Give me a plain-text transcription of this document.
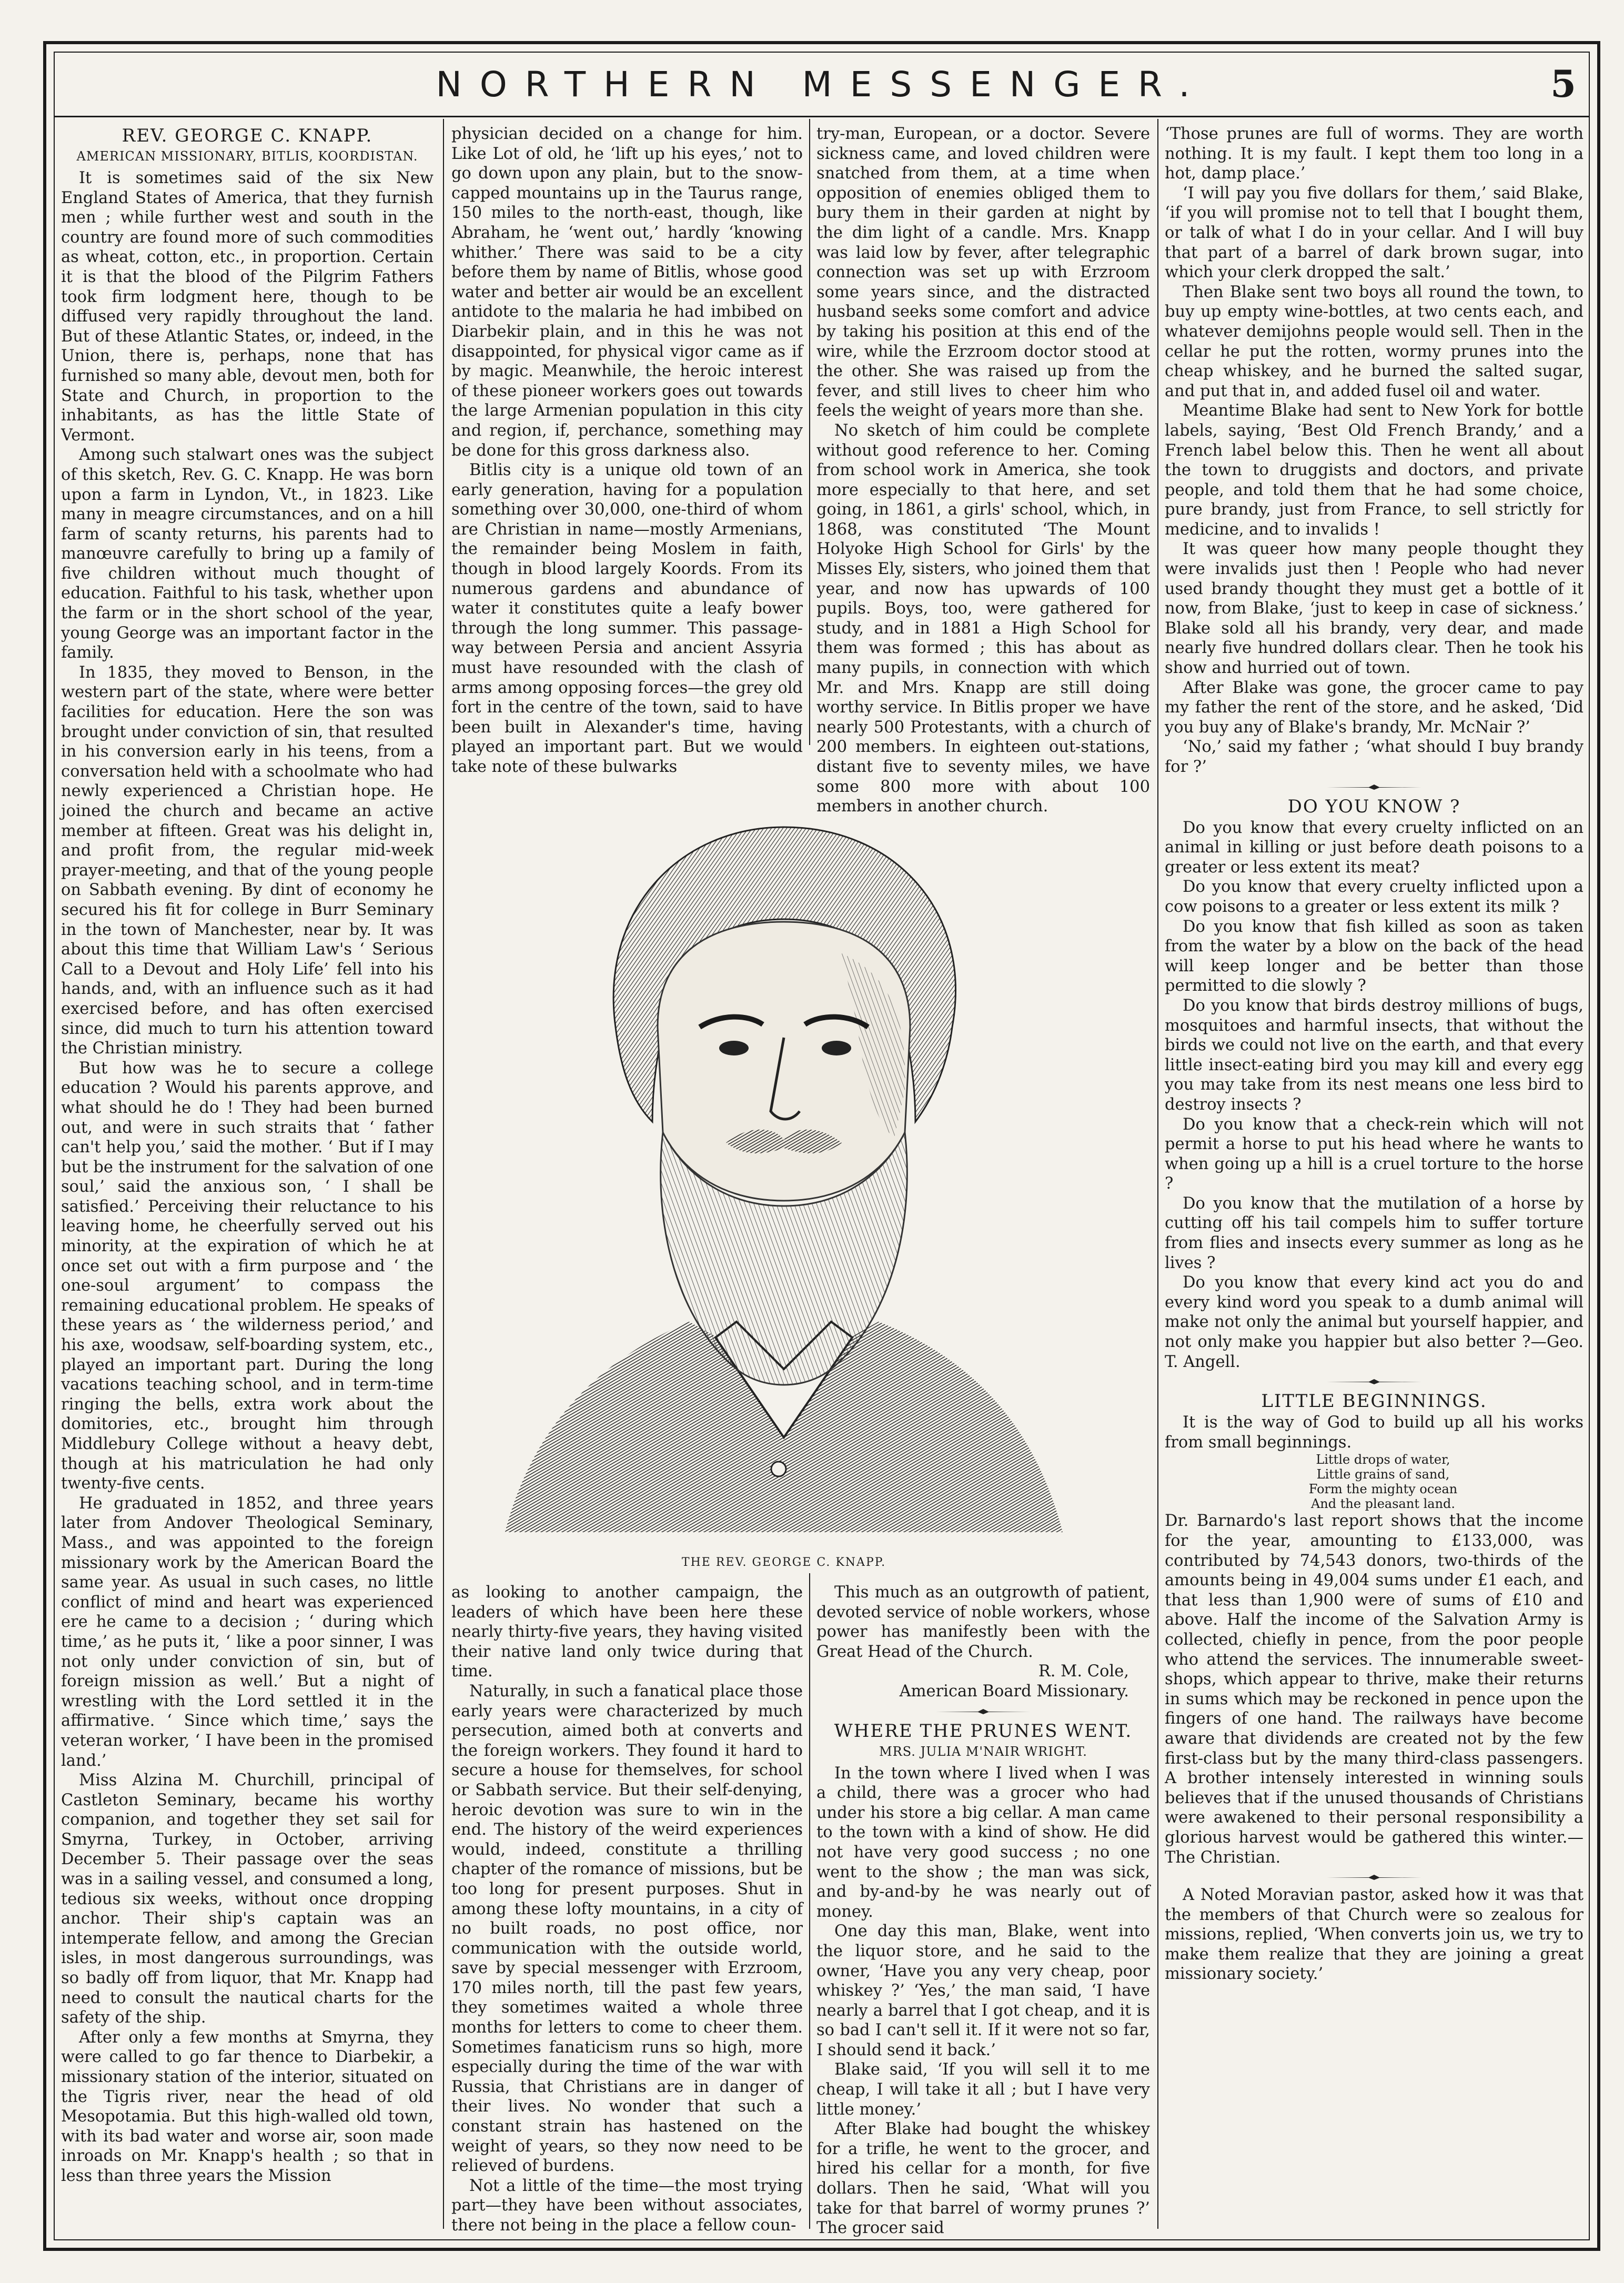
NORTHERN MESSENGER.	5
REV. GEORGE C. KNAPP.

AMERICAN MISSIONARY, BITLIS, KOORDISTAN.

It is sometimes said of the six New England States of America, that they furnish men ; while further west and south in the country are found more of such commodities as wheat, cotton, etc., in proportion. Certain it is that the blood of the Pilgrim Fathers took firm lodgment here, though to be diffused very rapidly throughout the land. But of these Atlantic States, or, indeed, in the Union, there is, perhaps, none that has furnished so many able, devout men, both for State and Church, in proportion to the inhabitants, as has the little State of Vermont.

Among such stalwart ones was the subject of this sketch, Rev. G. C. Knapp. He was born upon a farm in Lyndon, Vt., in 1823. Like many in meagre circumstances, and on a hill farm of scanty returns, his parents had to manœuvre carefully to bring up a family of five children without much thought of education. Faithful to his task, whether upon the farm or in the short school of the year, young George was an important factor in the family.

In 1835, they moved to Benson, in the western part of the state, where were better facilities for education. Here the son was brought under conviction of sin, that resulted in his conversion early in his teens, from a conversation held with a schoolmate who had newly experienced a Christian hope. He joined the church and became an active member at fifteen. Great was his delight in, and profit from, the regular mid-week prayer-meeting, and that of the young people on Sabbath evening. By dint of economy he secured his fit for college in Burr Seminary in the town of Manchester, near by. It was about this time that William Law's ‘ Serious Call to a Devout and Holy Life’ fell into his hands, and, with an influence such as it had exercised before, and has often exercised since, did much to turn his attention toward the Christian ministry.

But how was he to secure a college education ? Would his parents approve, and what should he do ! They had been burned out, and were in such straits that ‘ father can't help you,’ said the mother. ‘ But if I may but be the instrument for the salvation of one soul,’ said the anxious son, ‘ I shall be satisfied.’ Perceiving their reluctance to his leaving home, he cheerfully served out his minority, at the expiration of which he at once set out with a firm purpose and ‘ the one-soul argument’ to compass the remaining educational problem. He speaks of these years as ‘ the wilderness period,’ and his axe, woodsaw, self-boarding system, etc., played an important part. During the long vacations teaching school, and in term-time ringing the bells, extra work about the domitories, etc., brought him through Middlebury College without a heavy debt, though at his matriculation he had only twenty-five cents.

He graduated in 1852, and three years later from Andover Theological Seminary, Mass., and was appointed to the foreign missionary work by the American Board the same year. As usual in such cases, no little conflict of mind and heart was experienced ere he came to a decision ; ‘ during which time,’ as he puts it, ‘ like a poor sinner, I was not only under conviction of sin, but of foreign mission as well.’ But a night of wrestling with the Lord settled it in the affirmative. ‘ Since which time,’ says the veteran worker, ‘ I have been in the promised land.’

Miss Alzina M. Churchill, principal of Castleton Seminary, became his worthy companion, and together they set sail for Smyrna, Turkey, in October, arriving December 5. Their passage over the seas was in a sailing vessel, and consumed a long, tedious six weeks, without once dropping anchor. Their ship's captain was an intemperate fellow, and among the Grecian isles, in most dangerous surroundings, was so badly off from liquor, that Mr. Knapp had need to consult the nautical charts for the safety of the ship.

After only a few months at Smyrna, they were called to go far thence to Diarbekir, a missionary station of the interior, situated on the Tigris river, near the head of old Mesopotamia. But this high-walled old town, with its bad water and worse air, soon made inroads on Mr. Knapp's health ; so that in less than three years the Mission

physician decided on a change for him. Like Lot of old, he ‘lift up his eyes,’ not to go down upon any plain, but to the snow-capped mountains up in the Taurus range, 150 miles to the north-east, though, like Abraham, he ‘went out,’ hardly ‘knowing whither.’ There was said to be a city before them by name of Bitlis, whose good water and better air would be an excellent antidote to the malaria he had imbibed on Diarbekir plain, and in this he was not disappointed, for physical vigor came as if by magic. Meanwhile, the heroic interest of these pioneer workers goes out towards the large Armenian population in this city and region, if, perchance, something may be done for this gross darkness also.

Bitlis city is a unique old town of an early generation, having for a population something over 30,000, one-third of whom are Christian in name—mostly Armenians, the remainder being Moslem in faith, though in blood largely Koords. From its numerous gardens and abundance of water it constitutes quite a leafy bower through the long summer. This passage-way between Persia and ancient Assyria must have resounded with the clash of arms among opposing forces—the grey old fort in the centre of the town, said to have been built in Alexander's time, having played an important part. But we would take note of these bulwarks

try-man, European, or a doctor. Severe sickness came, and loved children were snatched from them, at a time when opposition of enemies obliged them to bury them in their garden at night by the dim light of a candle. Mrs. Knapp was laid low by fever, after telegraphic connection was set up with Erzroom some years since, and the distracted husband seeks some comfort and advice by taking his position at this end of the wire, while the Erzroom doctor stood at the other. She was raised up from the fever, and still lives to cheer him who feels the weight of years more than she.

No sketch of him could be complete without good reference to her. Coming from school work in America, she took more especially to that here, and set going, in 1861, a girls' school, which, in 1868, was constituted ‘The Mount Holyoke High School for Girls' by the Misses Ely, sisters, who joined them that year, and now has upwards of 100 pupils. Boys, too, were gathered for study, and in 1881 a High School for them was formed ; this has about as many pupils, in connection with which Mr. and Mrs. Knapp are still doing worthy service. In Bitlis proper we have nearly 500 Protestants, with a church of 200 members. In eighteen out-stations, distant five to seventy miles, we have some 800 more with about 100 members in another church.

THE REV. GEORGE C. KNAPP.

as looking to another campaign, the leaders of which have been here these nearly thirty-five years, they having visited their native land only twice during that time.

Naturally, in such a fanatical place those early years were characterized by much persecution, aimed both at converts and the foreign workers. They found it hard to secure a house for themselves, for school or Sabbath service. But their self-denying, heroic devotion was sure to win in the end. The history of the weird experiences would, indeed, constitute a thrilling chapter of the romance of missions, but be too long for present purposes. Shut in among these lofty mountains, in a city of no built roads, no post office, nor communication with the outside world, save by special messenger with Erzroom, 170 miles north, till the past few years, they sometimes waited a whole three months for letters to come to cheer them. Sometimes fanaticism runs so high, more especially during the time of the war with Russia, that Christians are in danger of their lives. No wonder that such a constant strain has hastened on the weight of years, so they now need to be relieved of burdens.

Not a little of the time—the most trying part—they have been without associates, there not being in the place a fellow coun-

This much as an outgrowth of patient, devoted service of noble workers, whose power has manifestly been with the Great Head of the Church.

R. M. Cole,

American Board Missionary.

WHERE THE PRUNES WENT.

MRS. JULIA M'NAIR WRIGHT.

In the town where I lived when I was a child, there was a grocer who had under his store a big cellar. A man came to the town with a kind of show. He did not have very good success ; no one went to the show ; the man was sick, and by-and-by he was nearly out of money.

One day this man, Blake, went into the liquor store, and he said to the owner, ‘Have you any very cheap, poor whiskey ?’ ‘Yes,’ the man said, ‘I have nearly a barrel that I got cheap, and it is so bad I can't sell it. If it were not so far, I should send it back.’

Blake said, ‘If you will sell it to me cheap, I will take it all ; but I have very little money.’

After Blake had bought the whiskey for a trifle, he went to the grocer, and hired his cellar for a month, for five dollars. Then he said, ‘What will you take for that barrel of wormy prunes ?’ The grocer said

‘Those prunes are full of worms. They are worth nothing. It is my fault. I kept them too long in a hot, damp place.’

‘I will pay you five dollars for them,’ said Blake, ‘if you will promise not to tell that I bought them, or talk of what I do in your cellar. And I will buy that part of a barrel of dark brown sugar, into which your clerk dropped the salt.’

Then Blake sent two boys all round the town, to buy up empty wine-bottles, at two cents each, and whatever demijohns people would sell. Then in the cellar he put the rotten, wormy prunes into the cheap whiskey, and he burned the salted sugar, and put that in, and added fusel oil and water.

Meantime Blake had sent to New York for bottle labels, saying, ‘Best Old French Brandy,’ and a French label below this. Then he went all about the town to druggists and doctors, and private people, and told them that he had some choice, pure brandy, just from France, to sell strictly for medicine, and to invalids !

It was queer how many people thought they were invalids just then ! People who had never used brandy thought they must get a bottle of it now, from Blake, ‘just to keep in case of sickness.’ Blake sold all his brandy, very dear, and made nearly five hundred dollars clear. Then he took his show and hurried out of town.

After Blake was gone, the grocer came to pay my father the rent of the store, and he asked, ‘Did you buy any of Blake's brandy, Mr. McNair ?’

‘No,’ said my father ; ‘what should I buy brandy for ?’

DO YOU KNOW ?

Do you know that every cruelty inflicted on an animal in killing or just before death poisons to a greater or less extent its meat?

Do you know that every cruelty inflicted upon a cow poisons to a greater or less extent its milk ?

Do you know that fish killed as soon as taken from the water by a blow on the back of the head will keep longer and be better than those permitted to die slowly ?

Do you know that birds destroy millions of bugs, mosquitoes and harmful insects, that without the birds we could not live on the earth, and that every little insect-eating bird you may kill and every egg you may take from its nest means one less bird to destroy insects ?

Do you know that a check-rein which will not permit a horse to put his head where he wants to when going up a hill is a cruel torture to the horse ?

Do you know that the mutilation of a horse by cutting off his tail compels him to suffer torture from flies and insects every summer as long as he lives ?

Do you know that every kind act you do and every kind word you speak to a dumb animal will make not only the animal but yourself happier, and not only make you happier but also better ?—Geo. T. Angell.

LITTLE BEGINNINGS.

It is the way of God to build up all his works from small beginnings.

Little drops of water,

Little grains of sand,

Form the mighty ocean

And the pleasant land.

Dr. Barnardo's last report shows that the income for the year, amounting to £133,000, was contributed by 74,543 donors, two-thirds of the amounts being in 49,004 sums under £1 each, and that less than 1,900 were of sums of £10 and above. Half the income of the Salvation Army is collected, chiefly in pence, from the poor people who attend the services. The innumerable sweet-shops, which appear to thrive, make their returns in sums which may be reckoned in pence upon the fingers of one hand. The railways have become aware that dividends are created not by the few first-class but by the many third-class passengers. A brother intensely interested in winning souls believes that if the unused thousands of Christians were awakened to their personal responsibility a glorious harvest would be gathered this winter.—The Christian.

A Noted Moravian pastor, asked how it was that the members of that Church were so zealous for missions, replied, ‘When converts join us, we try to make them realize that they are joining a great missionary society.’
